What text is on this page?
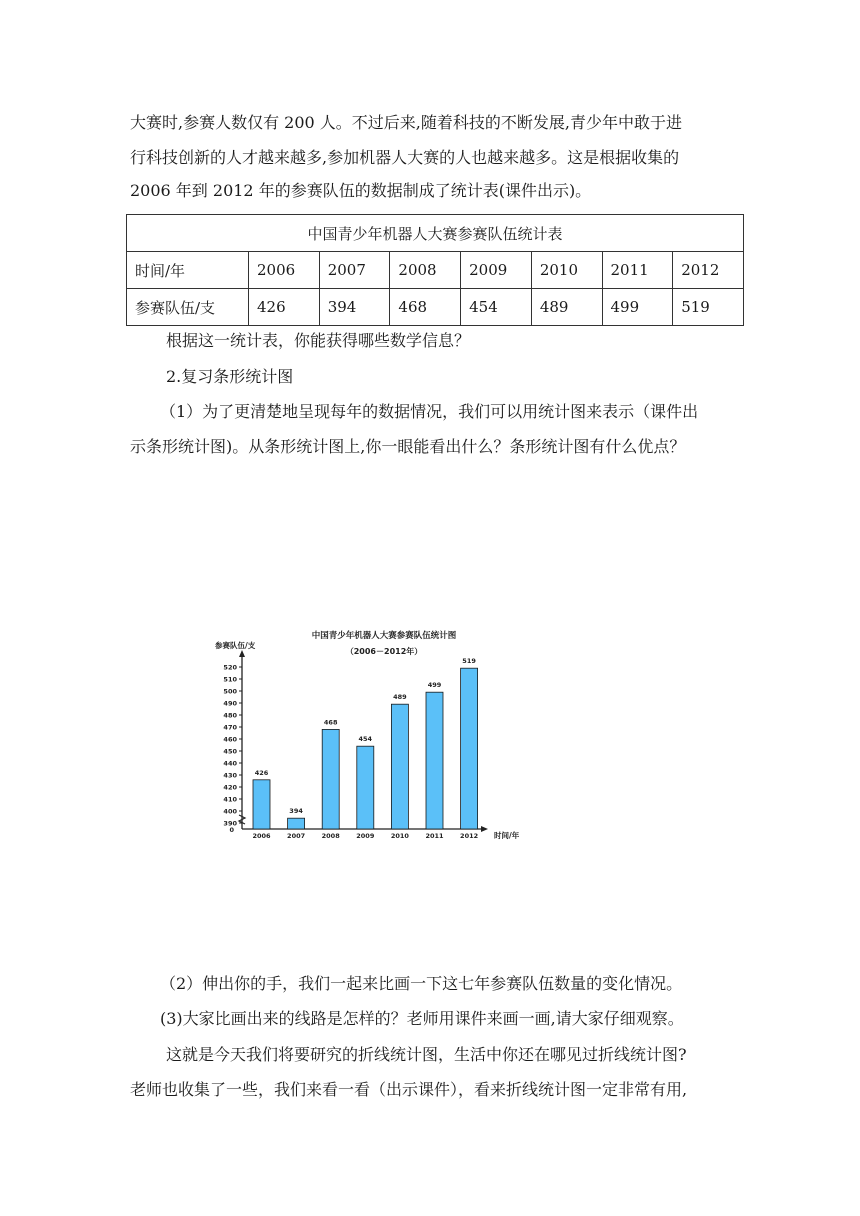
大赛时,参赛人数仅有 200 人。不过后来,随着科技的不断发展,青少年中敢于进
行科技创新的人才越来越多,参加机器人大赛的人也越来越多。这是根据收集的
2006 年到 2012 年的参赛队伍的数据制成了统计表(课件出示)。
中国青少年机器人大赛参赛队伍统计表							
时间/年	2006	2007	2008	2009	2010	2011	2012
参赛队伍/支	426	394	468	454	489	499	519
根据这一统计表，你能获得哪些数学信息？
2.复习条形统计图
（1）为了更清楚地呈现每年的数据情况，我们可以用统计图来表示（课件出
示条形统计图)。从条形统计图上,你一眼能看出什么？条形统计图有什么优点？
中国青少年机器人大赛参赛队伍统计图
（2006－2012年）
参赛队伍/支
时间/年
0
390
400
410
420
430
440
450
460
470
480
490
500
510
520
426
2006
394
2007
468
2008
454
2009
489
2010
499
2011
519
2012
（2）伸出你的手，我们一起来比画一下这七年参赛队伍数量的变化情况。
(3)大家比画出来的线路是怎样的？老师用课件来画一画,请大家仔细观察。
这就是今天我们将要研究的折线统计图，生活中你还在哪见过折线统计图?
老师也收集了一些，我们来看一看（出示课件），看来折线统计图一定非常有用,
